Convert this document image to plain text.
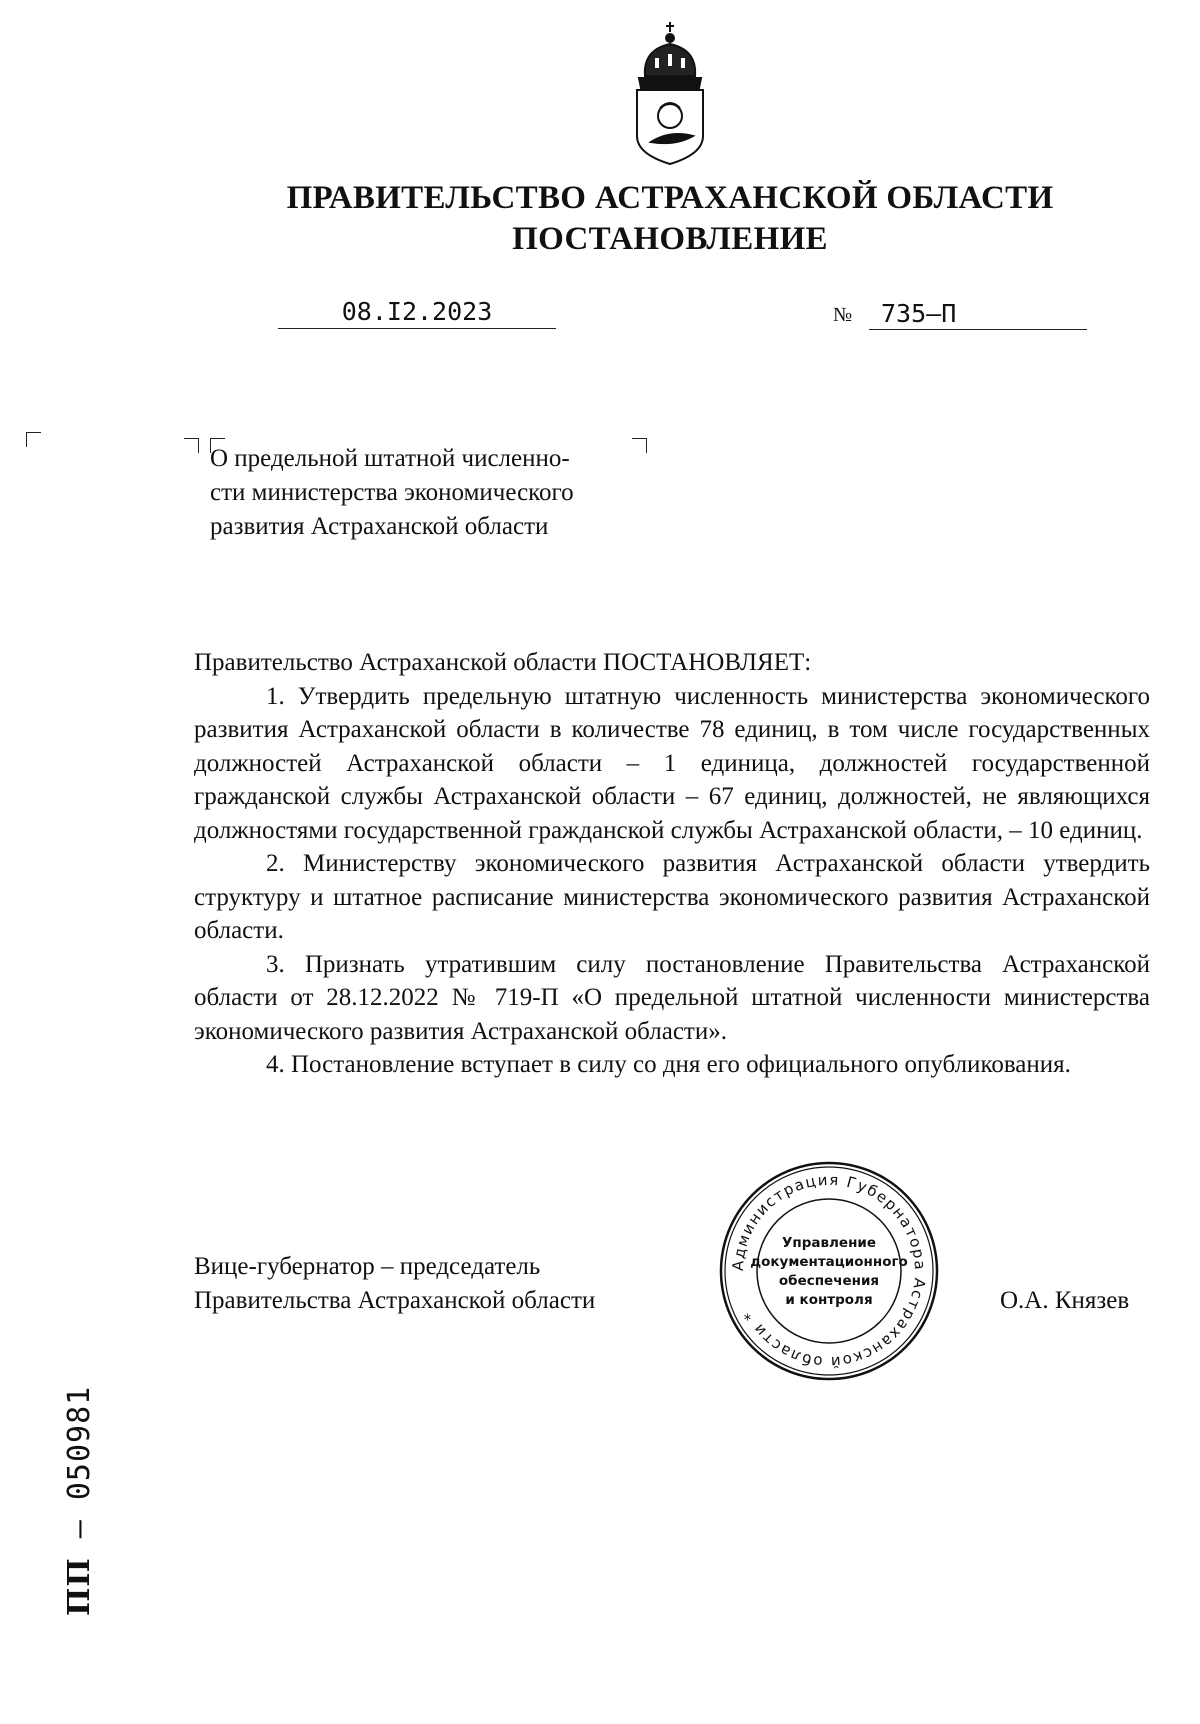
ПРАВИТЕЛЬСТВО АСТРАХАНСКОЙ ОБЛАСТИ
ПОСТАНОВЛЕНИЕ
08.I2.2023	№	735–П
О предельной штатной численно-
сти министерства экономического
развития Астраханской области

Правительство Астраханской области ПОСТАНОВЛЯЕТ:

1. Утвердить предельную штатную численность министерства экономического развития Астраханской области в количестве 78 единиц, в том числе государственных должностей Астраханской области – 1 единица, должностей государственной гражданской службы Астраханской области – 67 единиц, должностей, не являющихся должностями государственной гражданской службы Астраханской области, – 10 единиц.

2. Министерству экономического развития Астраханской области утвердить структуру и штатное расписание министерства экономического развития Астраханской области.

3. Признать утратившим силу постановление Правительства Астраханской области от 28.12.2022 № 719-П «О предельной штатной численности министерства экономического развития Астраханской области».

4. Постановление вступает в силу со дня его официального опубликования.

Вице-губернатор – председатель
Правительства Астраханской области	О.А. Князев
Администрация Губернатора Астраханской области *
Управление
документационного
обеспечения
и контроля
ПП – 050981
